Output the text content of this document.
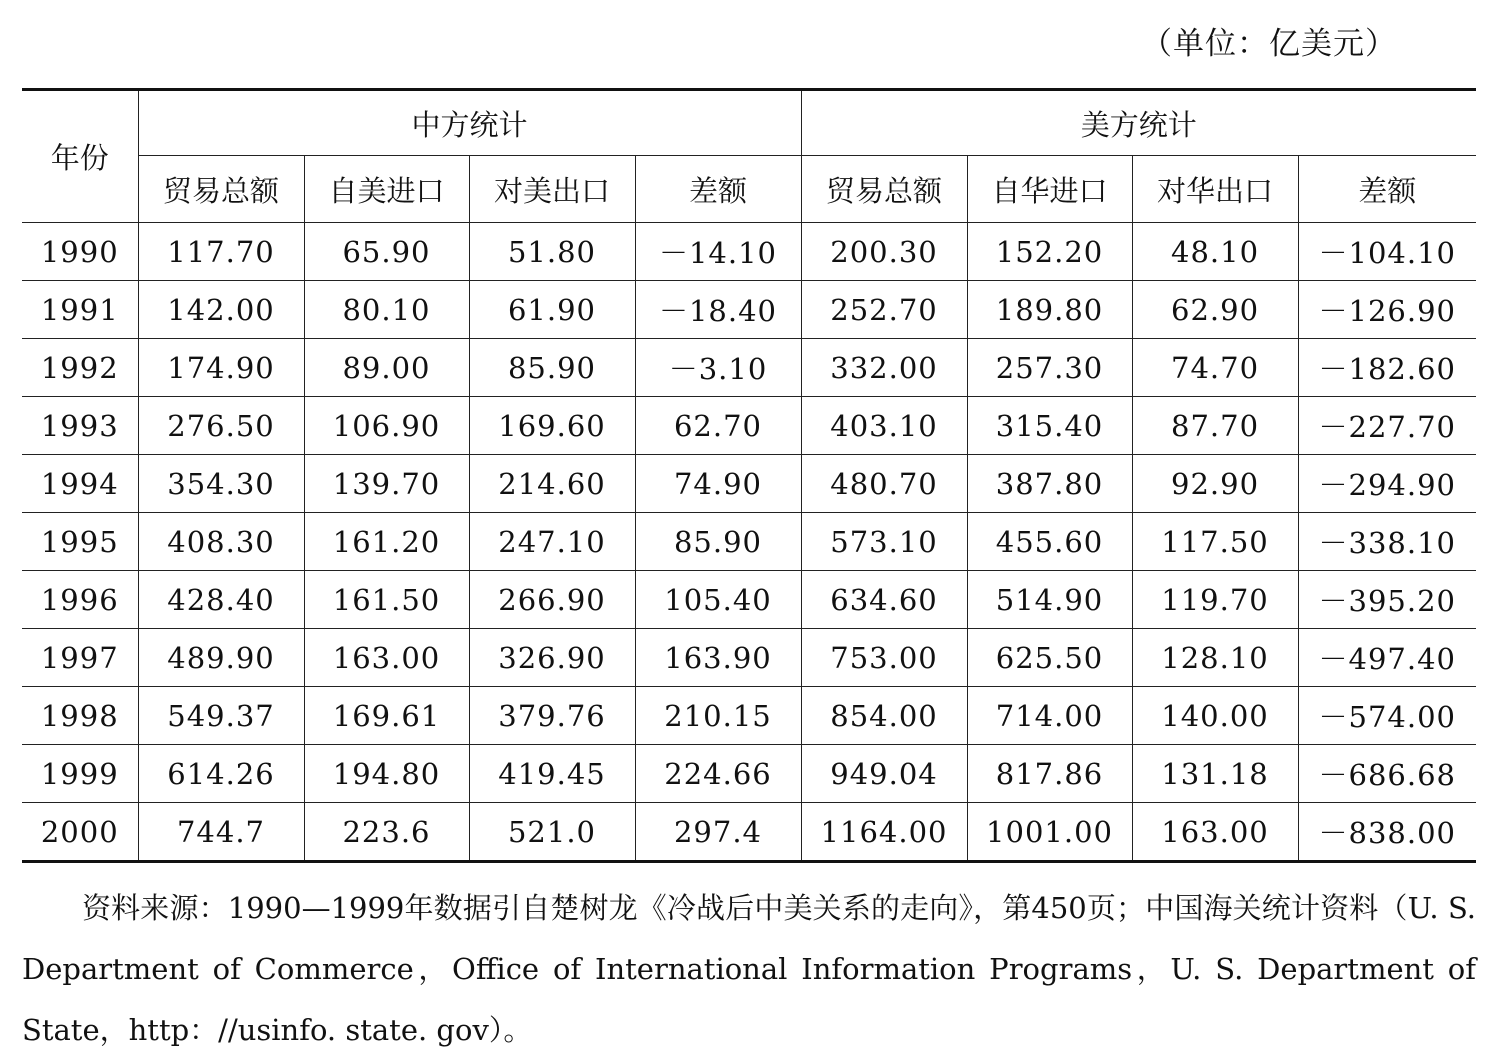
（单位：亿美元）
年份	中方统计				美方统计			
	贸易总额	自美进口	对美出口	差额	贸易总额	自华进口	对华出口	差额
1990	117.70	65.90	51.80	－14.10	200.30	152.20	48.10	－104.10
1991	142.00	80.10	61.90	－18.40	252.70	189.80	62.90	－126.90
1992	174.90	89.00	85.90	－3.10	332.00	257.30	74.70	－182.60
1993	276.50	106.90	169.60	62.70	403.10	315.40	87.70	－227.70
1994	354.30	139.70	214.60	74.90	480.70	387.80	92.90	－294.90
1995	408.30	161.20	247.10	85.90	573.10	455.60	117.50	－338.10
1996	428.40	161.50	266.90	105.40	634.60	514.90	119.70	－395.20
1997	489.90	163.00	326.90	163.90	753.00	625.50	128.10	－497.40
1998	549.37	169.61	379.76	210.15	854.00	714.00	140.00	－574.00
1999	614.26	194.80	419.45	224.66	949.04	817.86	131.18	－686.68
2000	744.7	223.6	521.0	297.4	1164.00	1001.00	163.00	－838.00
资料来源：1990—1999年数据引自楚树龙《冷战后中美关系的走向》，第450页；中国海关统计资料（U. S. Department of Commerce，Office of International Information Programs，U. S. Department of State，http：//usinfo. state. gov）。
